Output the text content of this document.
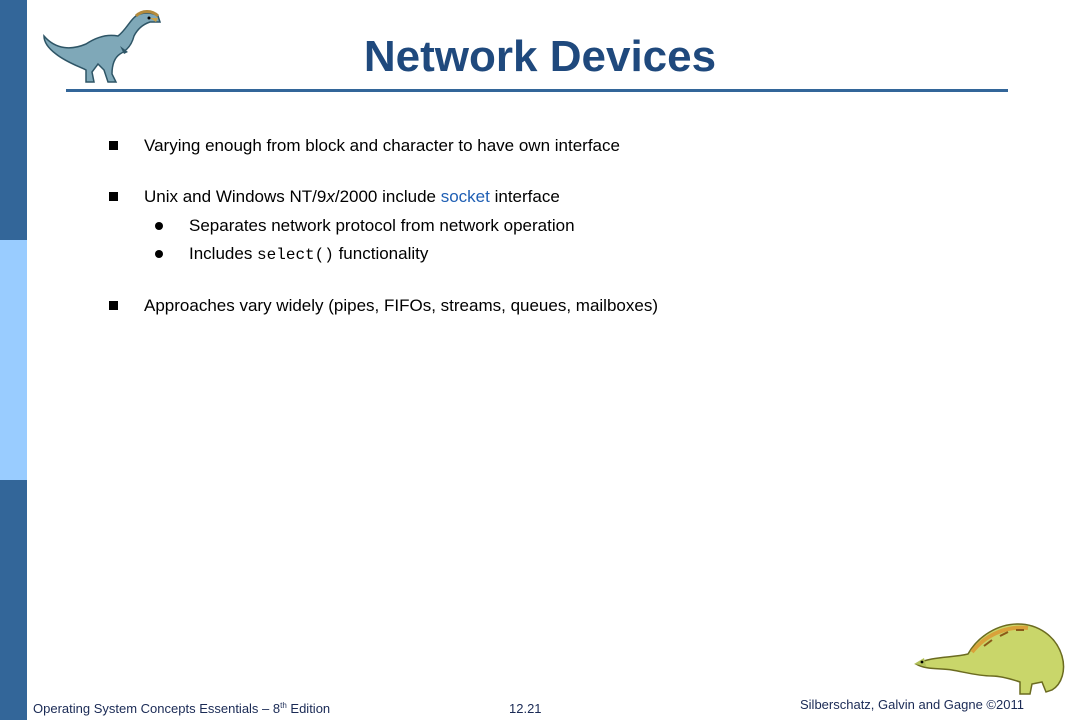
Network Devices
Varying enough from block and character to have own interface
Unix and Windows NT/9x/2000 include socket interface
Separates network protocol from network operation
Includes select() functionality
Approaches vary widely (pipes, FIFOs, streams, queues, mailboxes)
Operating System Concepts Essentials – 8th Edition	12.21	Silberschatz, Galvin and Gagne ©2011
